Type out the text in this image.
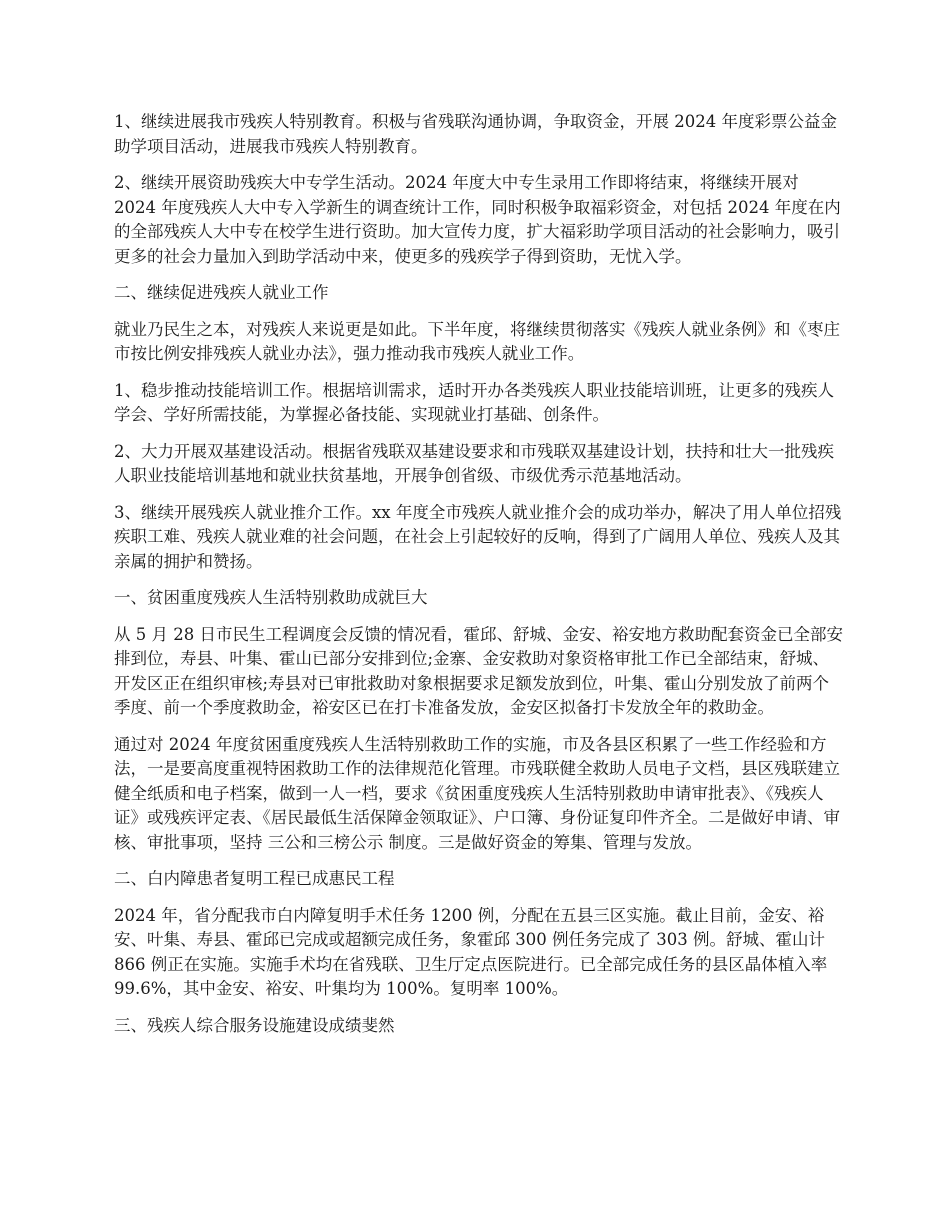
1、继续进展我市残疾人特别教育。积极与省残联沟通协调，争取资金，开展 2024 年度彩票公益金助学项目活动，进展我市残疾人特别教育。

2、继续开展资助残疾大中专学生活动。2024 年度大中专生录用工作即将结束，将继续开展对 2024 年度残疾人大中专入学新生的调查统计工作，同时积极争取福彩资金，对包括 2024 年度在内的全部残疾人大中专在校学生进行资助。加大宣传力度，扩大福彩助学项目活动的社会影响力，吸引更多的社会力量加入到助学活动中来，使更多的残疾学子得到资助，无忧入学。

二、继续促进残疾人就业工作

就业乃民生之本，对残疾人来说更是如此。下半年度，将继续贯彻落实《残疾人就业条例》和《枣庄市按比例安排残疾人就业办法》，强力推动我市残疾人就业工作。

1、稳步推动技能培训工作。根据培训需求，适时开办各类残疾人职业技能培训班，让更多的残疾人学会、学好所需技能，为掌握必备技能、实现就业打基础、创条件。

2、大力开展双基建设活动。根据省残联双基建设要求和市残联双基建设计划，扶持和壮大一批残疾人职业技能培训基地和就业扶贫基地，开展争创省级、市级优秀示范基地活动。

3、继续开展残疾人就业推介工作。xx 年度全市残疾人就业推介会的成功举办，解决了用人单位招残疾职工难、残疾人就业难的社会问题，在社会上引起较好的反响，得到了广阔用人单位、残疾人及其亲属的拥护和赞扬。

一、贫困重度残疾人生活特别救助成就巨大

从 5 月 28 日市民生工程调度会反馈的情况看，霍邱、舒城、金安、裕安地方救助配套资金已全部安排到位，寿县、叶集、霍山已部分安排到位;金寨、金安救助对象资格审批工作已全部结束，舒城、开发区正在组织审核;寿县对已审批救助对象根据要求足额发放到位，叶集、霍山分别发放了前两个季度、前一个季度救助金，裕安区已在打卡准备发放，金安区拟备打卡发放全年的救助金。

通过对 2024 年度贫困重度残疾人生活特别救助工作的实施，市及各县区积累了一些工作经验和方法，一是要高度重视特困救助工作的法律规范化管理。市残联健全救助人员电子文档，县区残联建立健全纸质和电子档案，做到一人一档，要求《贫困重度残疾人生活特别救助申请审批表》、《残疾人证》或残疾评定表、《居民最低生活保障金领取证》、户口簿、身份证复印件齐全。二是做好申请、审核、审批事项，坚持 三公和三榜公示 制度。三是做好资金的筹集、管理与发放。

二、白内障患者复明工程已成惠民工程

2024 年，省分配我市白内障复明手术任务 1200 例，分配在五县三区实施。截止目前，金安、裕安、叶集、寿县、霍邱已完成或超额完成任务，象霍邱 300 例任务完成了 303 例。舒城、霍山计 866 例正在实施。实施手术均在省残联、卫生厅定点医院进行。已全部完成任务的县区晶体植入率 99.6%，其中金安、裕安、叶集均为 100%。复明率 100%。

三、残疾人综合服务设施建设成绩斐然
